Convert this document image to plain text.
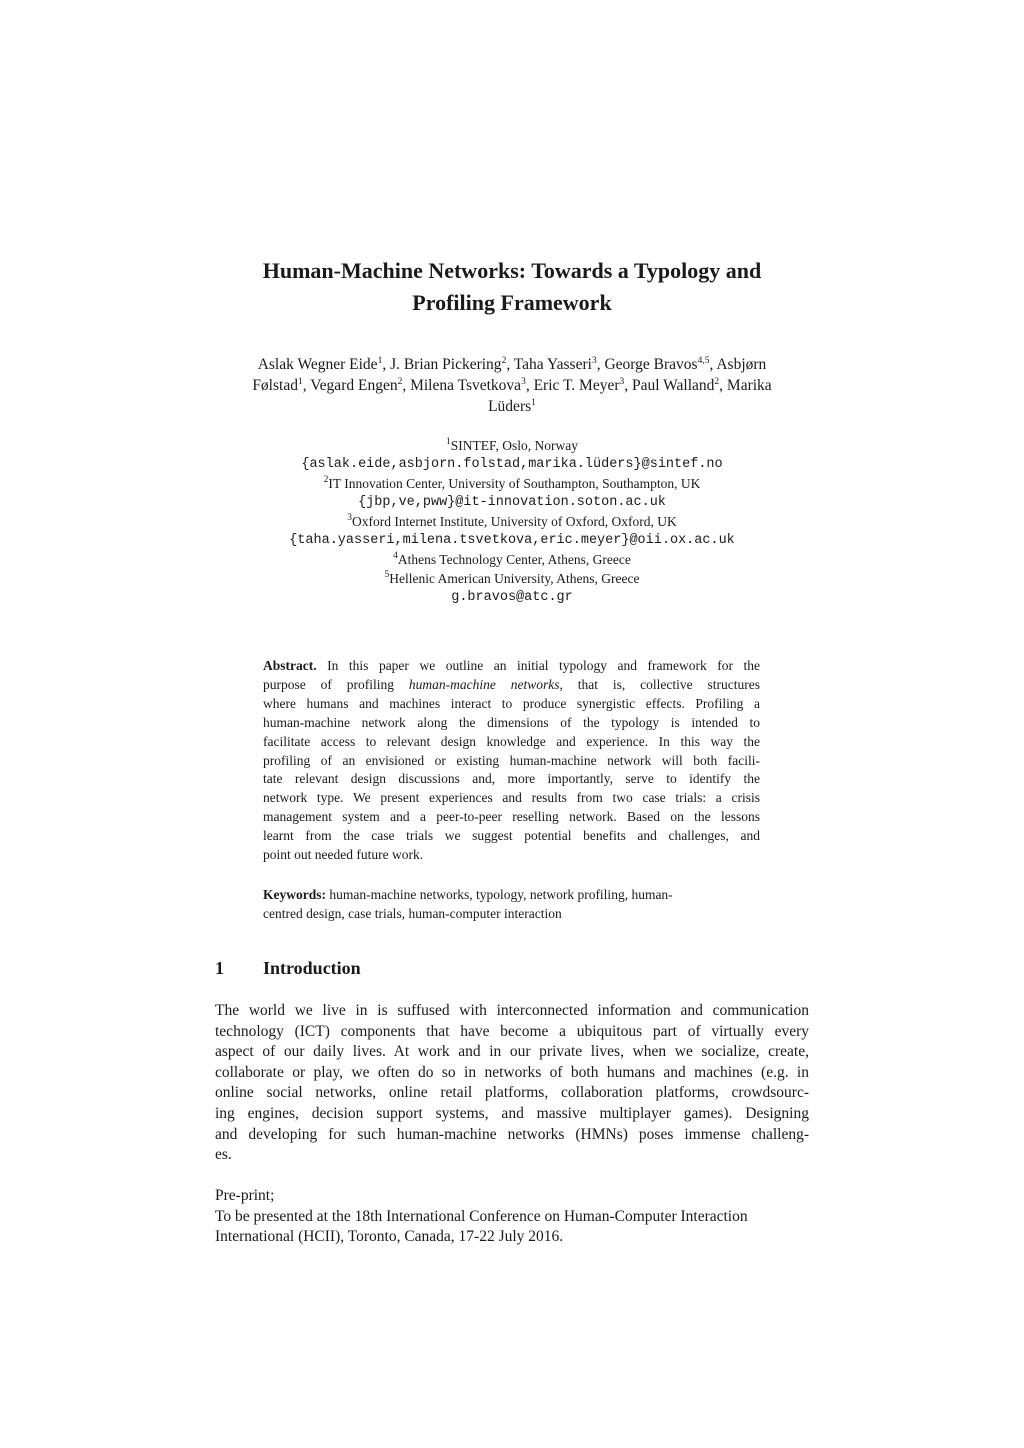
Human-Machine Networks: Towards a Typology and
Profiling Framework
Aslak Wegner Eide$^1$, J. Brian Pickering$^2$, Taha Yasseri$^3$, George Bravos$^{4,5}$, Asbjørn
Følstad$^1$, Vegard Engen$^2$, Milena Tsvetkova$^3$, Eric T. Meyer$^3$, Paul Walland$^2$, Marika
Lüders$^1$
$^1$SINTEF, Oslo, Norway
{aslak.eide,asbjorn.folstad,marika.lüders}@sintef.no
$^2$IT Innovation Center, University of Southampton, Southampton, UK
{jbp,ve,pww}@it-innovation.soton.ac.uk
$^3$Oxford Internet Institute, University of Oxford, Oxford, UK
{taha.yasseri,milena.tsvetkova,eric.meyer}@oii.ox.ac.uk
$^4$Athens Technology Center, Athens, Greece
$^5$Hellenic American University, Athens, Greece
g.bravos@atc.gr
Abstract. In this paper we outline an initial typology and framework for the
purpose of profiling human-machine networks, that is, collective structures
where humans and machines interact to produce synergistic effects. Profiling a
human-machine network along the dimensions of the typology is intended to
facilitate access to relevant design knowledge and experience. In this way the
profiling of an envisioned or existing human-machine network will both facili-
tate relevant design discussions and, more importantly, serve to identify the
network type. We present experiences and results from two case trials: a crisis
management system and a peer-to-peer reselling network. Based on the lessons
learnt from the case trials we suggest potential benefits and challenges, and
point out needed future work.
Keywords: human-machine networks, typology, network profiling, human-
centred design, case trials, human-computer interaction
1 Introduction
The world we live in is suffused with interconnected information and communication
technology (ICT) components that have become a ubiquitous part of virtually every
aspect of our daily lives. At work and in our private lives, when we socialize, create,
collaborate or play, we often do so in networks of both humans and machines (e.g. in
online social networks, online retail platforms, collaboration platforms, crowdsourc-
ing engines, decision support systems, and massive multiplayer games). Designing
and developing for such human-machine networks (HMNs) poses immense challeng-
es.
Pre-print;
To be presented at the 18th International Conference on Human-Computer Interaction
International (HCII), Toronto, Canada, 17-22 July 2016.
